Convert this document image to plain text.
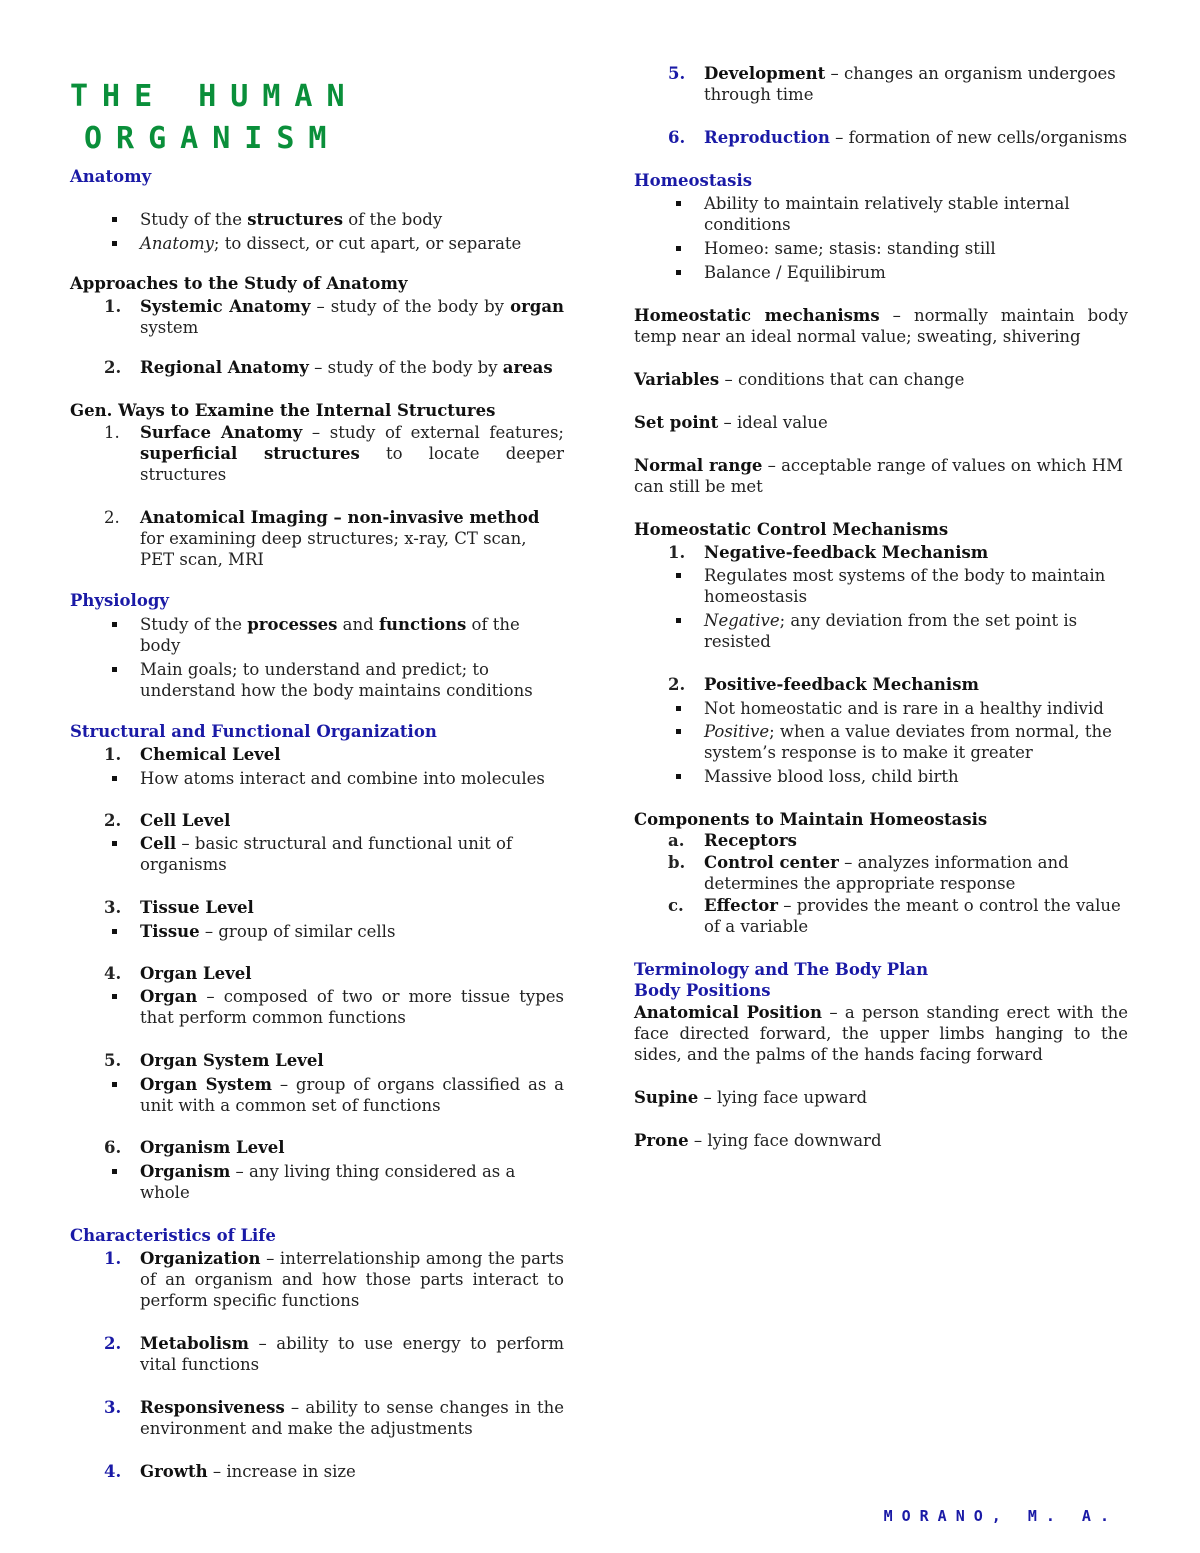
THE HUMAN
ORGANISM
Anatomy
Study of the structures of the body
Anatomy; to dissect, or cut apart, or separate
Approaches to the Study of Anatomy
1. Systemic Anatomy – study of the body by organ system
2. Regional Anatomy – study of the body by areas
Gen. Ways to Examine the Internal Structures
1. Surface Anatomy – study of external features; superficial structures to locate deeper structures
2. Anatomical Imaging – non-invasive method for examining deep structures; x-ray, CT scan, PET scan, MRI
Physiology
Study of the processes and functions of the body
Main goals; to understand and predict; to understand how the body maintains conditions
Structural and Functional Organization
1. Chemical Level
How atoms interact and combine into molecules
2. Cell Level
Cell – basic structural and functional unit of organisms
3. Tissue Level
Tissue – group of similar cells
4. Organ Level
Organ – composed of two or more tissue types that perform common functions
5. Organ System Level
Organ System – group of organs classified as a unit with a common set of functions
6. Organism Level
Organism – any living thing considered as a whole
Characteristics of Life
1. Organization – interrelationship among the parts of an organism and how those parts interact to perform specific functions
2. Metabolism – ability to use energy to perform vital functions
3. Responsiveness – ability to sense changes in the environment and make the adjustments
4. Growth – increase in size
5. Development – changes an organism undergoes through time
6. Reproduction – formation of new cells/organisms
Homeostasis
Ability to maintain relatively stable internal conditions
Homeo: same; stasis: standing still
Balance / Equilibirum
Homeostatic mechanisms – normally maintain body temp near an ideal normal value; sweating, shivering
Variables – conditions that can change
Set point – ideal value
Normal range – acceptable range of values on which HM can still be met
Homeostatic Control Mechanisms
1. Negative-feedback Mechanism
Regulates most systems of the body to maintain homeostasis
Negative; any deviation from the set point is resisted
2. Positive-feedback Mechanism
Not homeostatic and is rare in a healthy individ
Positive; when a value deviates from normal, the system’s response is to make it greater
Massive blood loss, child birth
Components to Maintain Homeostasis
a. Receptors
b. Control center – analyzes information and determines the appropriate response
c. Effector – provides the meant o control the value of a variable
Terminology and The Body Plan
Body Positions
Anatomical Position – a person standing erect with the face directed forward, the upper limbs hanging to the sides, and the palms of the hands facing forward
Supine – lying face upward
Prone – lying face downward
MORANO, M. A.
